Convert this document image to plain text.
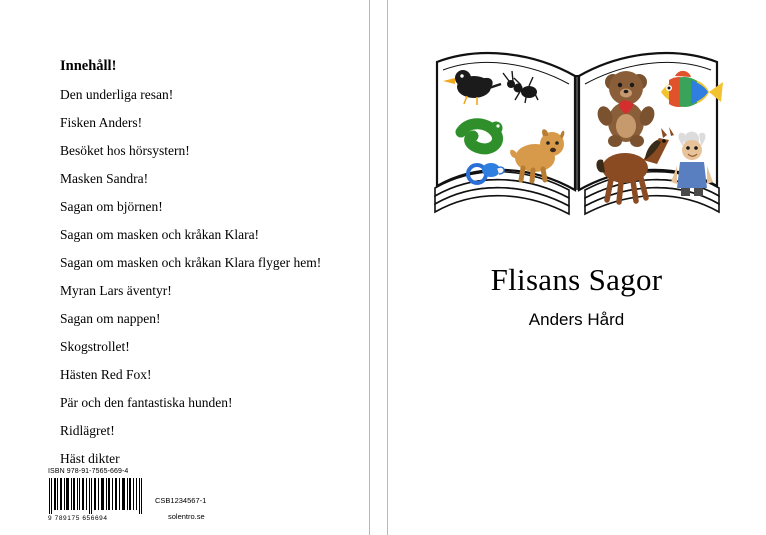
Innehåll!
Den underliga resan!
Fisken Anders!
Besöket hos hörsystern!
Masken Sandra!
Sagan om björnen!
Sagan om masken och kråkan Klara!
Sagan om masken och kråkan Klara flyger hem!
Myran Lars äventyr!
Sagan om nappen!
Skogstrollet!
Hästen Red Fox!
Pär och den fantastiska hunden!
Ridlägret!
Häst dikter
ISBN 978-91-7565-669-4
9 789175 656694
CSB1234567-1
solentro.se
Flisans Sagor
Anders Hård
